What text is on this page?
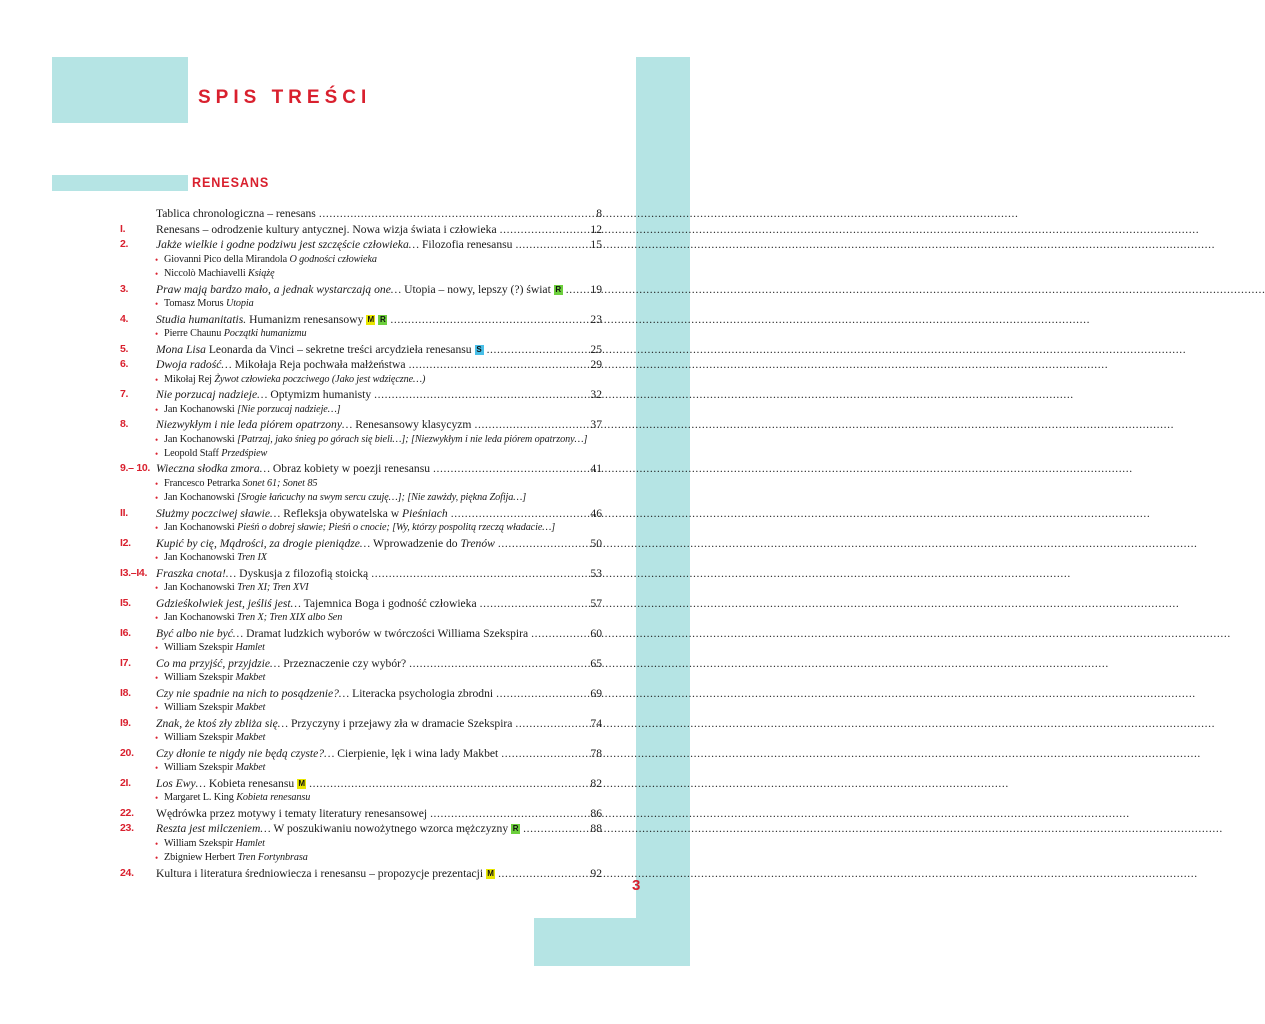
SPIS TREŚCI
RENESANS
3
Tablica chronologiczna – renesans .....	8
I.	Renesans – odrodzenie kultury antycznej. Nowa wizja świata i człowieka .....	12
2. Jakże wielkie i godne podziwu jest szczęście człowieka… Filozofia renesansu .....	15
• Giovanni Pico della Mirandola O godności człowieka
• Niccolò Machiavelli Książę
3. Praw mają bardzo mało, a jednak wystarczają one… Utopia – nowy, lepszy (?) świat R .....	19
• Tomasz Morus Utopia
4. Studia humanitatis. Humanizm renesansowy M R .....	23
• Pierre Chaunu Początki humanizmu
5. Mona Lisa Leonarda da Vinci – sekretne treści arcydzieła renesansu S .....	25
6. Dwoja radość… Mikołaja Reja pochwała małżeństwa .....	29
• Mikołaj Rej Żywot człowieka poczciwego (Jako jest wdzięczne…)
7. Nie porzucaj nadzieje… Optymizm humanisty .....	32
• Jan Kochanowski [Nie porzucaj nadzieje…]
8. Niezwykłym i nie leda piórem opatrzony… Renesansowy klasycyzm .....	37
• Jan Kochanowski [Patrzaj, jako śnieg po górach się bieli…]; [Niezwykłym i nie leda piórem opatrzony…]
• Leopold Staff Przedśpiew
9.– 10. Wieczna słodka zmora… Obraz kobiety w poezji renesansu .....	41
• Francesco Petrarka Sonet 61; Sonet 85
• Jan Kochanowski [Srogie łańcuchy na swym sercu czuję…]; [Nie zawżdy, piękna Zofija…]
II. Służmy poczciwej sławie… Refleksja obywatelska w Pieśniach .....	46
• Jan Kochanowski Pieśń o dobrej sławie; Pieśń o cnocie; [Wy, którzy pospolitą rzeczą władacie…]
I2. Kupić by cię, Mądrości, za drogie pieniądze… Wprowadzenie do Trenów .....	50
• Jan Kochanowski Tren IX
I3.–I4. Fraszka cnota!… Dyskusja z filozofią stoicką .....	53
• Jan Kochanowski Tren XI; Tren XVI
I5. Gdzieśkolwiek jest, jeśliś jest… Tajemnica Boga i godność człowieka .....	57
• Jan Kochanowski Tren X; Tren XIX albo Sen
I6. Być albo nie być… Dramat ludzkich wyborów w twórczości Williama Szekspira .....	60
• William Szekspir Hamlet
I7. Co ma przyjść, przyjdzie… Przeznaczenie czy wybór? .....	65
• William Szekspir Makbet
I8. Czy nie spadnie na nich to posądzenie?… Literacka psychologia zbrodni .....	69
• William Szekspir Makbet
I9. Znak, że ktoś zły zbliża się… Przyczyny i przejawy zła w dramacie Szekspira .....	74
• William Szekspir Makbet
20. Czy dłonie te nigdy nie będą czyste?… Cierpienie, lęk i wina lady Makbet .....	78
• William Szekspir Makbet
2I. Los Ewy… Kobieta renesansu M .....	82
• Margaret L. King Kobieta renesansu
22. Wędrówka przez motywy i tematy literatury renesansowej .....	86
23. Reszta jest milczeniem… W poszukiwaniu nowożytnego wzorca mężczyzny R .....	88
• William Szekspir Hamlet
• Zbigniew Herbert Tren Fortynbrasa
24. Kultura i literatura średniowiecza i renesansu – propozycje prezentacji M .....	92
